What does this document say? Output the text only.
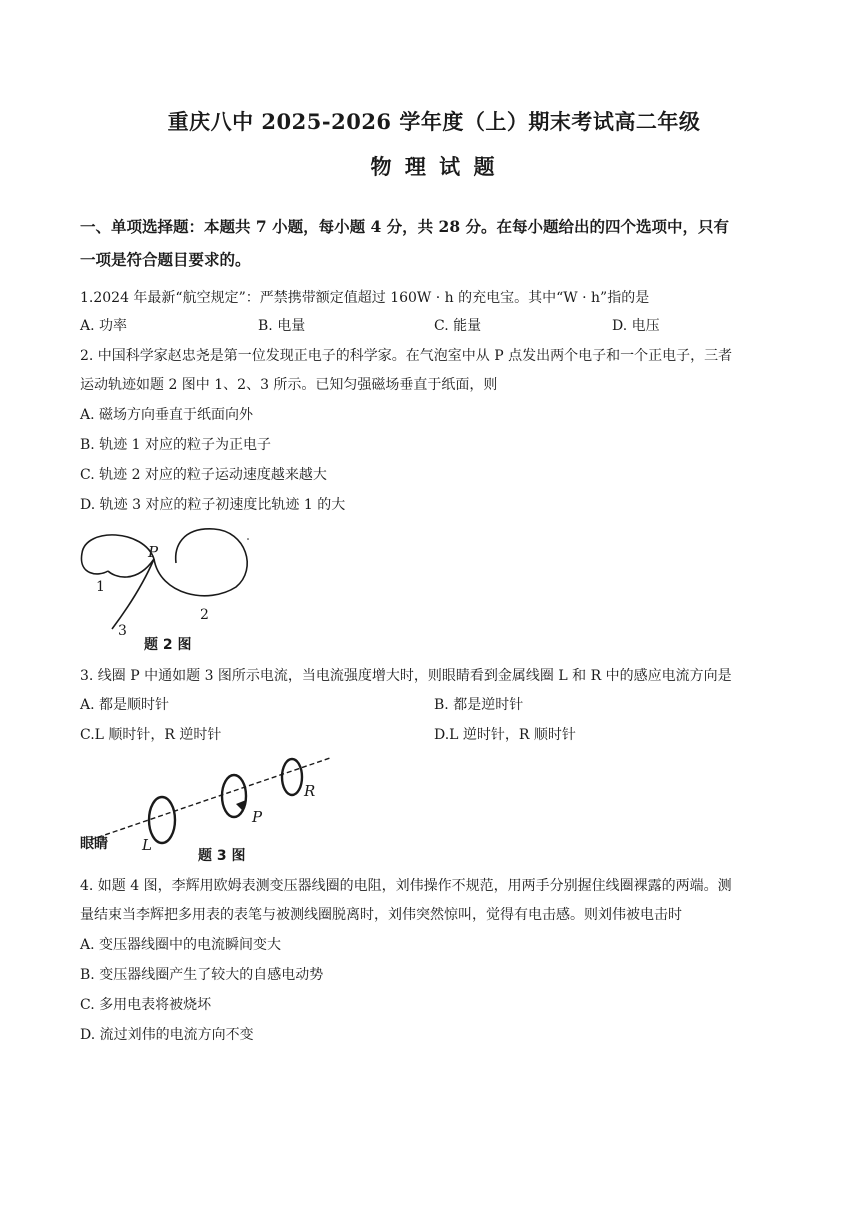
重庆八中 2025-2026 学年度（上）期末考试高二年级
物 理 试 题
一、单项选择题：本题共 7 小题，每小题 4 分，共 28 分。在每小题给出的四个选项中，只有
一项是符合题目要求的。
1.2024 年最新“航空规定”：严禁携带额定值超过 160W · h 的充电宝。其中“W · h”指的是
A. 功率	B. 电量	C. 能量	D. 电压
2. 中国科学家赵忠尧是第一位发现正电子的科学家。在气泡室中从 P 点发出两个电子和一个正电子，三者
运动轨迹如题 2 图中 1、2、3 所示。已知匀强磁场垂直于纸面，则
A. 磁场方向垂直于纸面向外
B. 轨迹 1 对应的粒子为正电子
C. 轨迹 2 对应的粒子运动速度越来越大
D. 轨迹 3 对应的粒子初速度比轨迹 1 的大
P
1
2
3
题 2 图
3. 线圈 P 中通如题 3 图所示电流，当电流强度增大时，则眼睛看到金属线圈 L 和 R 中的感应电流方向是
A. 都是顺时针	B. 都是逆时针
C.L 顺时针，R 逆时针	D.L 逆时针，R 顺时针
眼睛 L
P
R
题 3 图
4. 如题 4 图，李辉用欧姆表测变压器线圈的电阻，刘伟操作不规范，用两手分别握住线圈裸露的两端。测
量结束当李辉把多用表的表笔与被测线圈脱离时，刘伟突然惊叫，觉得有电击感。则刘伟被电击时
A. 变压器线圈中的电流瞬间变大
B. 变压器线圈产生了较大的自感电动势
C. 多用电表将被烧坏
D. 流过刘伟的电流方向不变
